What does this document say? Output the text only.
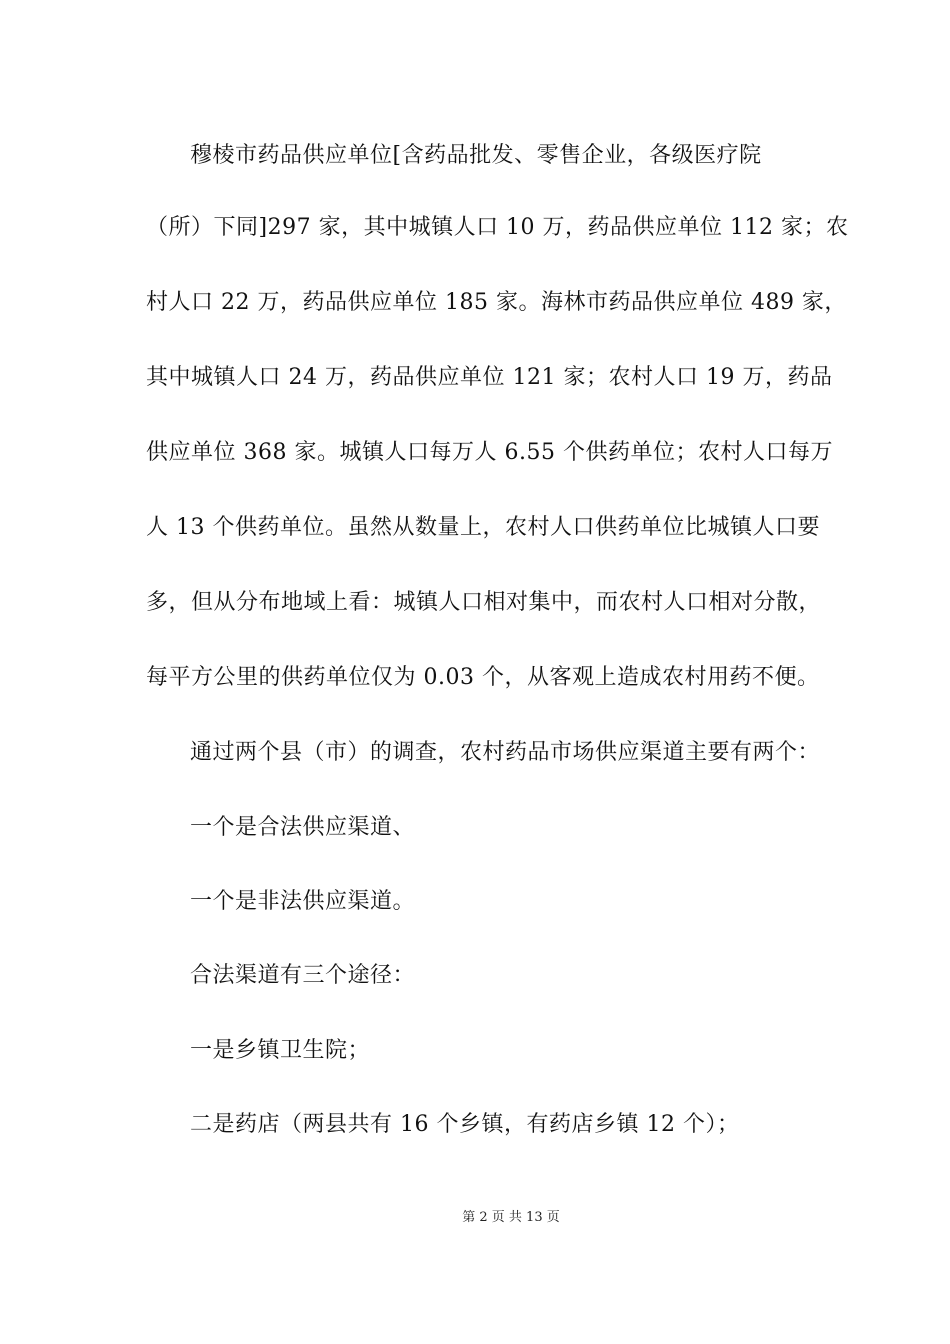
穆棱市药品供应单位[含药品批发、零售企业，各级医疗院
（所）下同]297 家，其中城镇人口 10 万，药品供应单位 112 家；农
村人口 22 万，药品供应单位 185 家。海林市药品供应单位 489 家，
其中城镇人口 24 万，药品供应单位 121 家；农村人口 19 万，药品
供应单位 368 家。城镇人口每万人 6.55 个供药单位；农村人口每万
人 13 个供药单位。虽然从数量上，农村人口供药单位比城镇人口要
多，但从分布地域上看：城镇人口相对集中，而农村人口相对分散，
每平方公里的供药单位仅为 0.03 个，从客观上造成农村用药不便。
通过两个县（市）的调查，农村药品市场供应渠道主要有两个：
一个是合法供应渠道、
一个是非法供应渠道。
合法渠道有三个途径：
一是乡镇卫生院；
二是药店（两县共有 16 个乡镇，有药店乡镇 12 个）；
第 2 页 共 13 页
